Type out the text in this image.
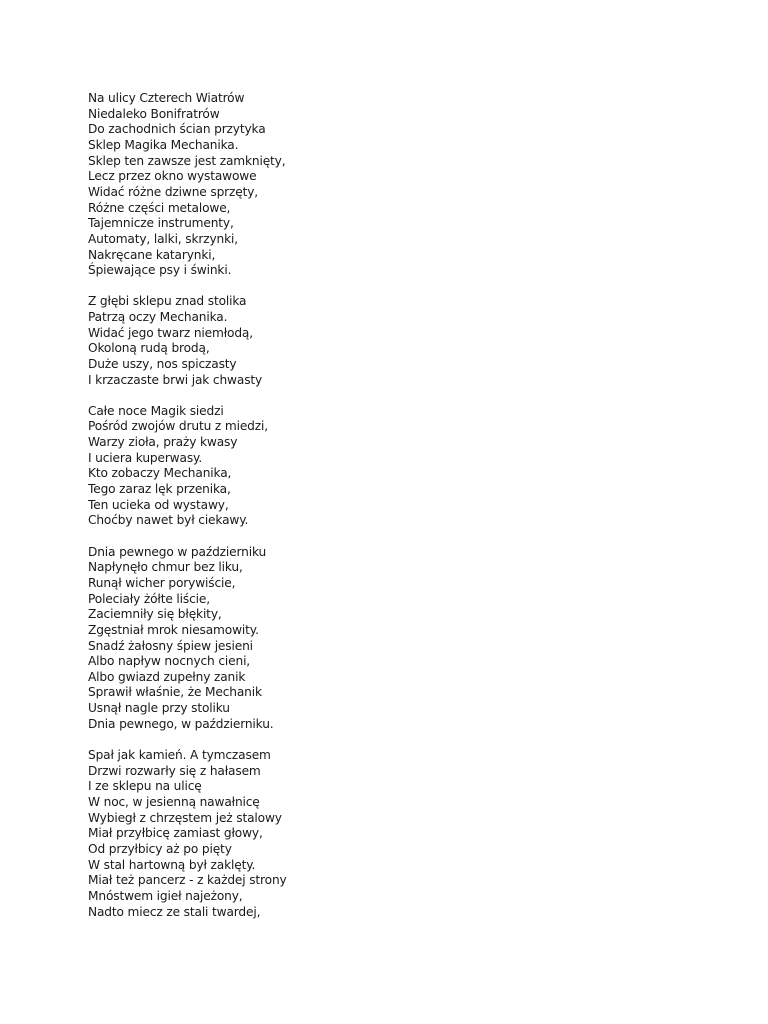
Na ulicy Czterech Wiatrów
Niedaleko Bonifratrów
Do zachodnich ścian przytyka
Sklep Magika Mechanika.
Sklep ten zawsze jest zamknięty,
Lecz przez okno wystawowe
Widać różne dziwne sprzęty,
Różne części metalowe,
Tajemnicze instrumenty,
Automaty, lalki, skrzynki,
Nakręcane katarynki,
Śpiewające psy i świnki.

Z głębi sklepu znad stolika
Patrzą oczy Mechanika.
Widać jego twarz niemłodą,
Okoloną rudą brodą,
Duże uszy, nos spiczasty
I krzaczaste brwi jak chwasty

Całe noce Magik siedzi
Pośród zwojów drutu z miedzi,
Warzy zioła, praży kwasy
I uciera kuperwasy.
Kto zobaczy Mechanika,
Tego zaraz lęk przenika,
Ten ucieka od wystawy,
Choćby nawet był ciekawy.

Dnia pewnego w październiku
Napłynęło chmur bez liku,
Runął wicher porywiście,
Poleciały żółte liście,
Zaciemniły się błękity,
Zgęstniał mrok niesamowity.
Snadź żałosny śpiew jesieni
Albo napływ nocnych cieni,
Albo gwiazd zupełny zanik
Sprawił właśnie, że Mechanik
Usnął nagle przy stoliku
Dnia pewnego, w październiku.

Spał jak kamień. A tymczasem
Drzwi rozwarły się z hałasem
I ze sklepu na ulicę
W noc, w jesienną nawałnicę
Wybiegł z chrzęstem jeż stalowy
Miał przyłbicę zamiast głowy,
Od przyłbicy aż po pięty
W stal hartowną był zaklęty.
Miał też pancerz - z każdej strony
Mnóstwem igieł najeżony,
Nadto miecz ze stali twardej,
